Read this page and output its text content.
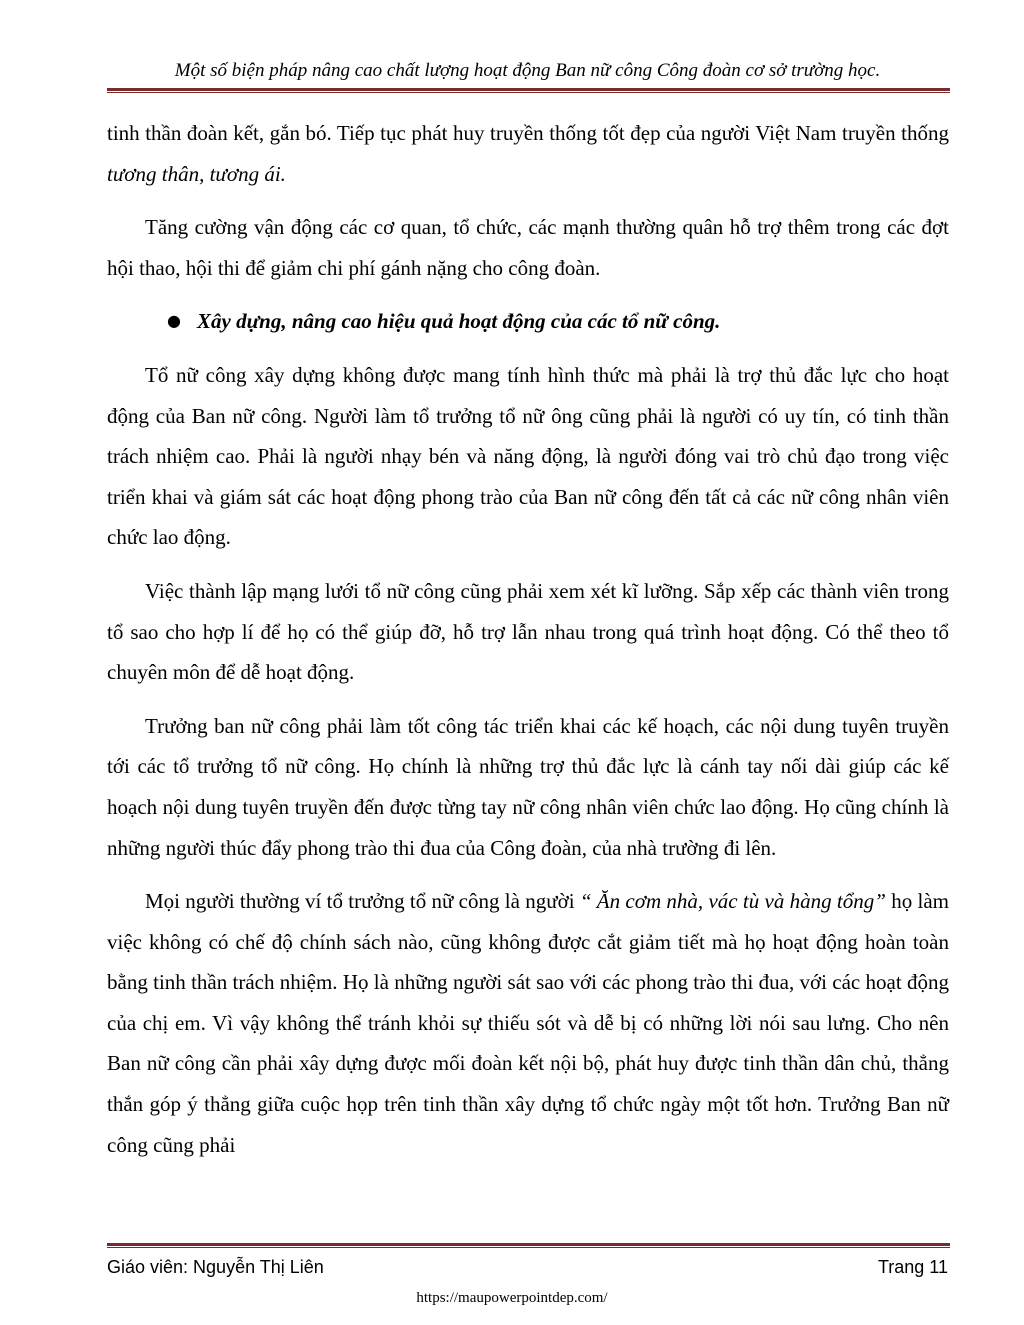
Một số biện pháp nâng cao chất lượng hoạt động Ban nữ công Công đoàn cơ sở trường học.

tinh thần đoàn kết, gắn bó. Tiếp tục phát huy truyền thống tốt đẹp của người Việt Nam truyền thống tương thân, tương ái.

Tăng cường vận động các cơ quan, tổ chức, các mạnh thường quân hỗ trợ thêm trong các đợt hội thao, hội thi để giảm chi phí gánh nặng cho công đoàn.

● Xây dựng, nâng cao hiệu quả hoạt động của các tổ nữ công.

Tổ nữ công xây dựng không được mang tính hình thức mà phải là trợ thủ đắc lực cho hoạt động của Ban nữ công. Người làm tổ trưởng tổ nữ ông cũng phải là người có uy tín, có tinh thần trách nhiệm cao. Phải là người nhạy bén và năng động, là người đóng vai trò chủ đạo trong việc triển khai và giám sát các hoạt động phong trào của Ban nữ công đến tất cả các nữ công nhân viên chức lao động.

Việc thành lập mạng lưới tổ nữ công cũng phải xem xét kĩ lưỡng. Sắp xếp các thành viên trong tổ sao cho hợp lí để họ có thể giúp đỡ, hỗ trợ lẫn nhau trong quá trình hoạt động. Có thể theo tổ chuyên môn để dễ hoạt động.

Trưởng ban nữ công phải làm tốt công tác triển khai các kế hoạch, các nội dung tuyên truyền tới các tổ trưởng tổ nữ công. Họ chính là những trợ thủ đắc lực là cánh tay nối dài giúp các kế hoạch nội dung tuyên truyền đến được từng tay nữ công nhân viên chức lao động. Họ cũng chính là những người thúc đẩy phong trào thi đua của Công đoàn, của nhà trường đi lên.

Mọi người thường ví tổ trưởng tổ nữ công là người “ Ăn cơm nhà, vác tù và hàng tổng” họ làm việc không có chế độ chính sách nào, cũng không được cắt giảm tiết mà họ hoạt động hoàn toàn bằng tinh thần trách nhiệm. Họ là những người sát sao với các phong trào thi đua, với các hoạt động của chị em. Vì vậy không thể tránh khỏi sự thiếu sót và dễ bị có những lời nói sau lưng. Cho nên Ban nữ công cần phải xây dựng được mối đoàn kết nội bộ, phát huy được tinh thần dân chủ, thẳng thắn góp ý thẳng giữa cuộc họp trên tinh thần xây dựng tổ chức ngày một tốt hơn. Trưởng Ban nữ công cũng phải

Giáo viên: Nguyễn Thị Liên	Trang 11
https://maupowerpointdep.com/
